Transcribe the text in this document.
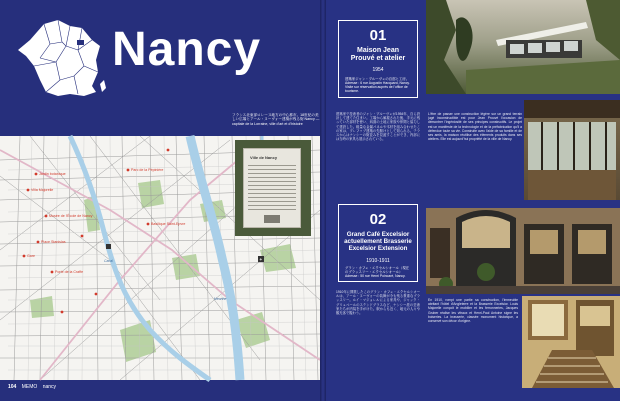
Nancy
フランス北東部ロレーヌ地方の中心都市。18世紀の美しい広場とアール・ヌーヴォー建築が残る街 Nancy — capitale de la Lorraine, ville d'art et d'histoire
Jardin botanique
Villa Majorelle
Musée de l'École de Nancy
Place Stanislas
Gare
Porte de la Craffe
Parc de la Pépinière
Basilique Saint-Epvre
Canal
Meurthe
+
Ville de Nancy
104 MEMO nancy
01
Maison Jean Prouvé et atelier
1954
建築家ジャン・プルーヴェの自邸と工房。 Adresse : 6 rue Augustin Hacquard, Nancy. Visite sur réservation auprès de l'office de tourisme.
建築家で技術者のジャン・プルーヴェが1954年、自ら設計して建てた住まい。工場から解雇された後、手元に残っていた部材を使い、斜面の土地に家族や仲間と協力して建設した。軽量な金属パネルや木材を組み合わせたこの家は、プレファブ建築の先駆けとして知られる。テラスからはナンシーの街並みを見渡すことができ、内部には当時の家具も展示されている。
02
Grand Café Excelsior actuellement Brasserie Excelsior Extension
1910-1911
グラン・カフェ・エクセルシオール（現在のブラッスリー・エクセルシオール） Adresse : 50 rue Henri Poincaré, Nancy.
1910年に開業したこのグラン・カフェ・エクセルシオールは、アール・ヌーヴォーの装飾が今も残る貴重なブラッスリー。ルイ・マジョレルによる家具や、ジャック・グリュベールのステンドグラスなど、ナンシー派の芸術家たちが内装を手がけた。駅からも近く、地元の人々や観光客で賑わう。
L'être de passer une construction légère sur un grand terrain jugé inconstructible est pour Jean Prouvé l'occasion de démontrer l'ingéniosité de ses principes constructifs. Le projet est un manifeste de la technologie et de la préfabrication qu'il a défendue toute sa vie. Construite avec l'aide de sa famille et de ses amis, la maison réutilise des éléments produits dans ses ateliers. Elle est aujourd'hui propriété de la ville de Nancy.
En 1910, rompt une partie sa construction, l'immeuble abritant l'hôtel d'Angleterre et la Brasserie Excelsior. Louis Majorelle conçoit le mobilier et les ferronneries, Jacques Gruber réalise les vitraux et Henri-Paul Antoine signe les boiseries. La brasserie, classée monument historique, a conservé son décor d'origine.
